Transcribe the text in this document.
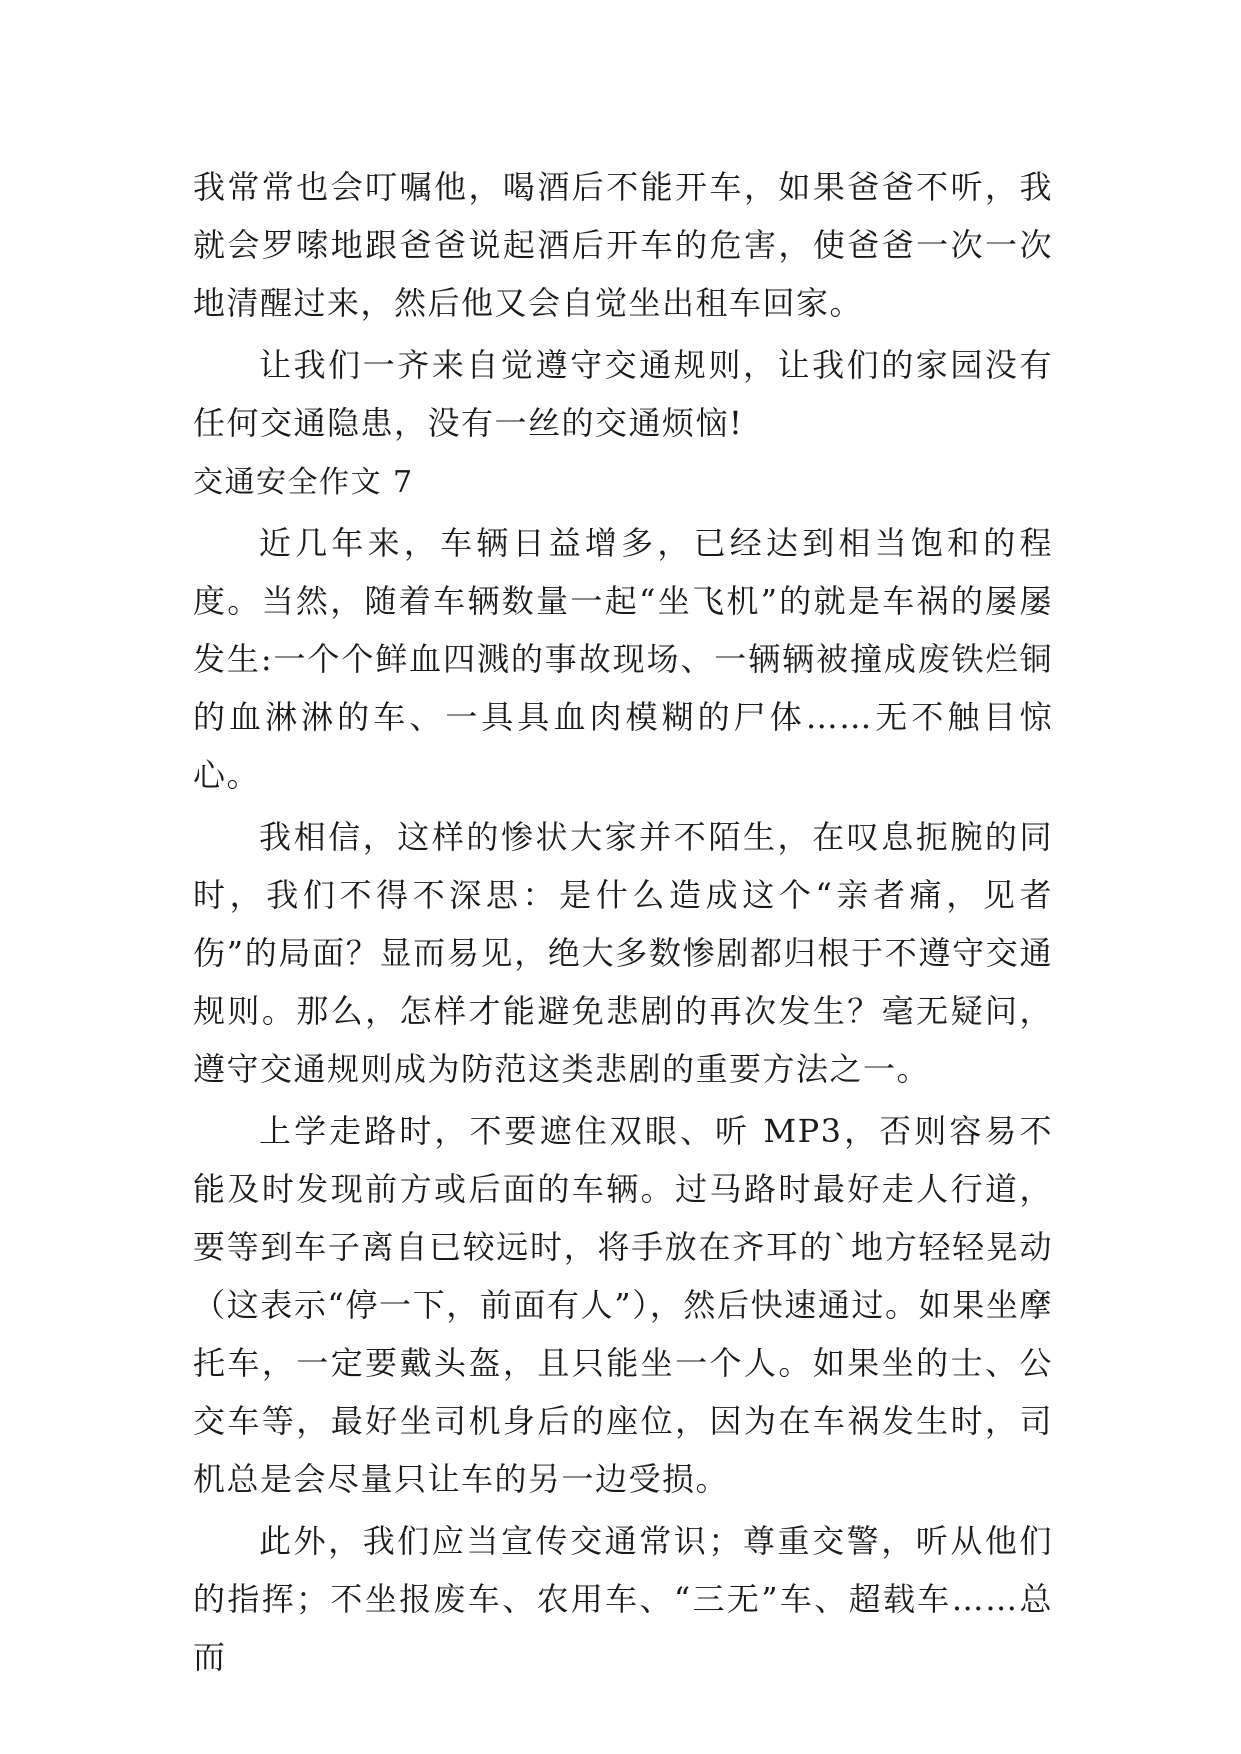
我常常也会叮嘱他，喝酒后不能开车，如果爸爸不听，我就会罗嗦地跟爸爸说起酒后开车的危害，使爸爸一次一次地清醒过来，然后他又会自觉坐出租车回家。

让我们一齐来自觉遵守交通规则，让我们的家园没有任何交通隐患，没有一丝的交通烦恼!

交通安全作文 7

近几年来，车辆日益增多，已经达到相当饱和的程度。当然，随着车辆数量一起“坐飞机”的就是车祸的屡屡发生:一个个鲜血四溅的事故现场、一辆辆被撞成废铁烂铜的血淋淋的车、一具具血肉模糊的尸体……无不触目惊心。

我相信，这样的惨状大家并不陌生，在叹息扼腕的同时，我们不得不深思：是什么造成这个“亲者痛，见者伤”的局面？显而易见，绝大多数惨剧都归根于不遵守交通规则。那么，怎样才能避免悲剧的再次发生？毫无疑问，遵守交通规则成为防范这类悲剧的重要方法之一。

上学走路时，不要遮住双眼、听 MP3，否则容易不能及时发现前方或后面的车辆。过马路时最好走人行道，要等到车子离自已较远时，将手放在齐耳的`地方轻轻晃动（这表示“停一下，前面有人”），然后快速通过。如果坐摩托车，一定要戴头盔，且只能坐一个人。如果坐的士、公交车等，最好坐司机身后的座位，因为在车祸发生时，司机总是会尽量只让车的另一边受损。

此外，我们应当宣传交通常识；尊重交警，听从他们的指挥；不坐报废车、农用车、“三无”车、超载车……总而
